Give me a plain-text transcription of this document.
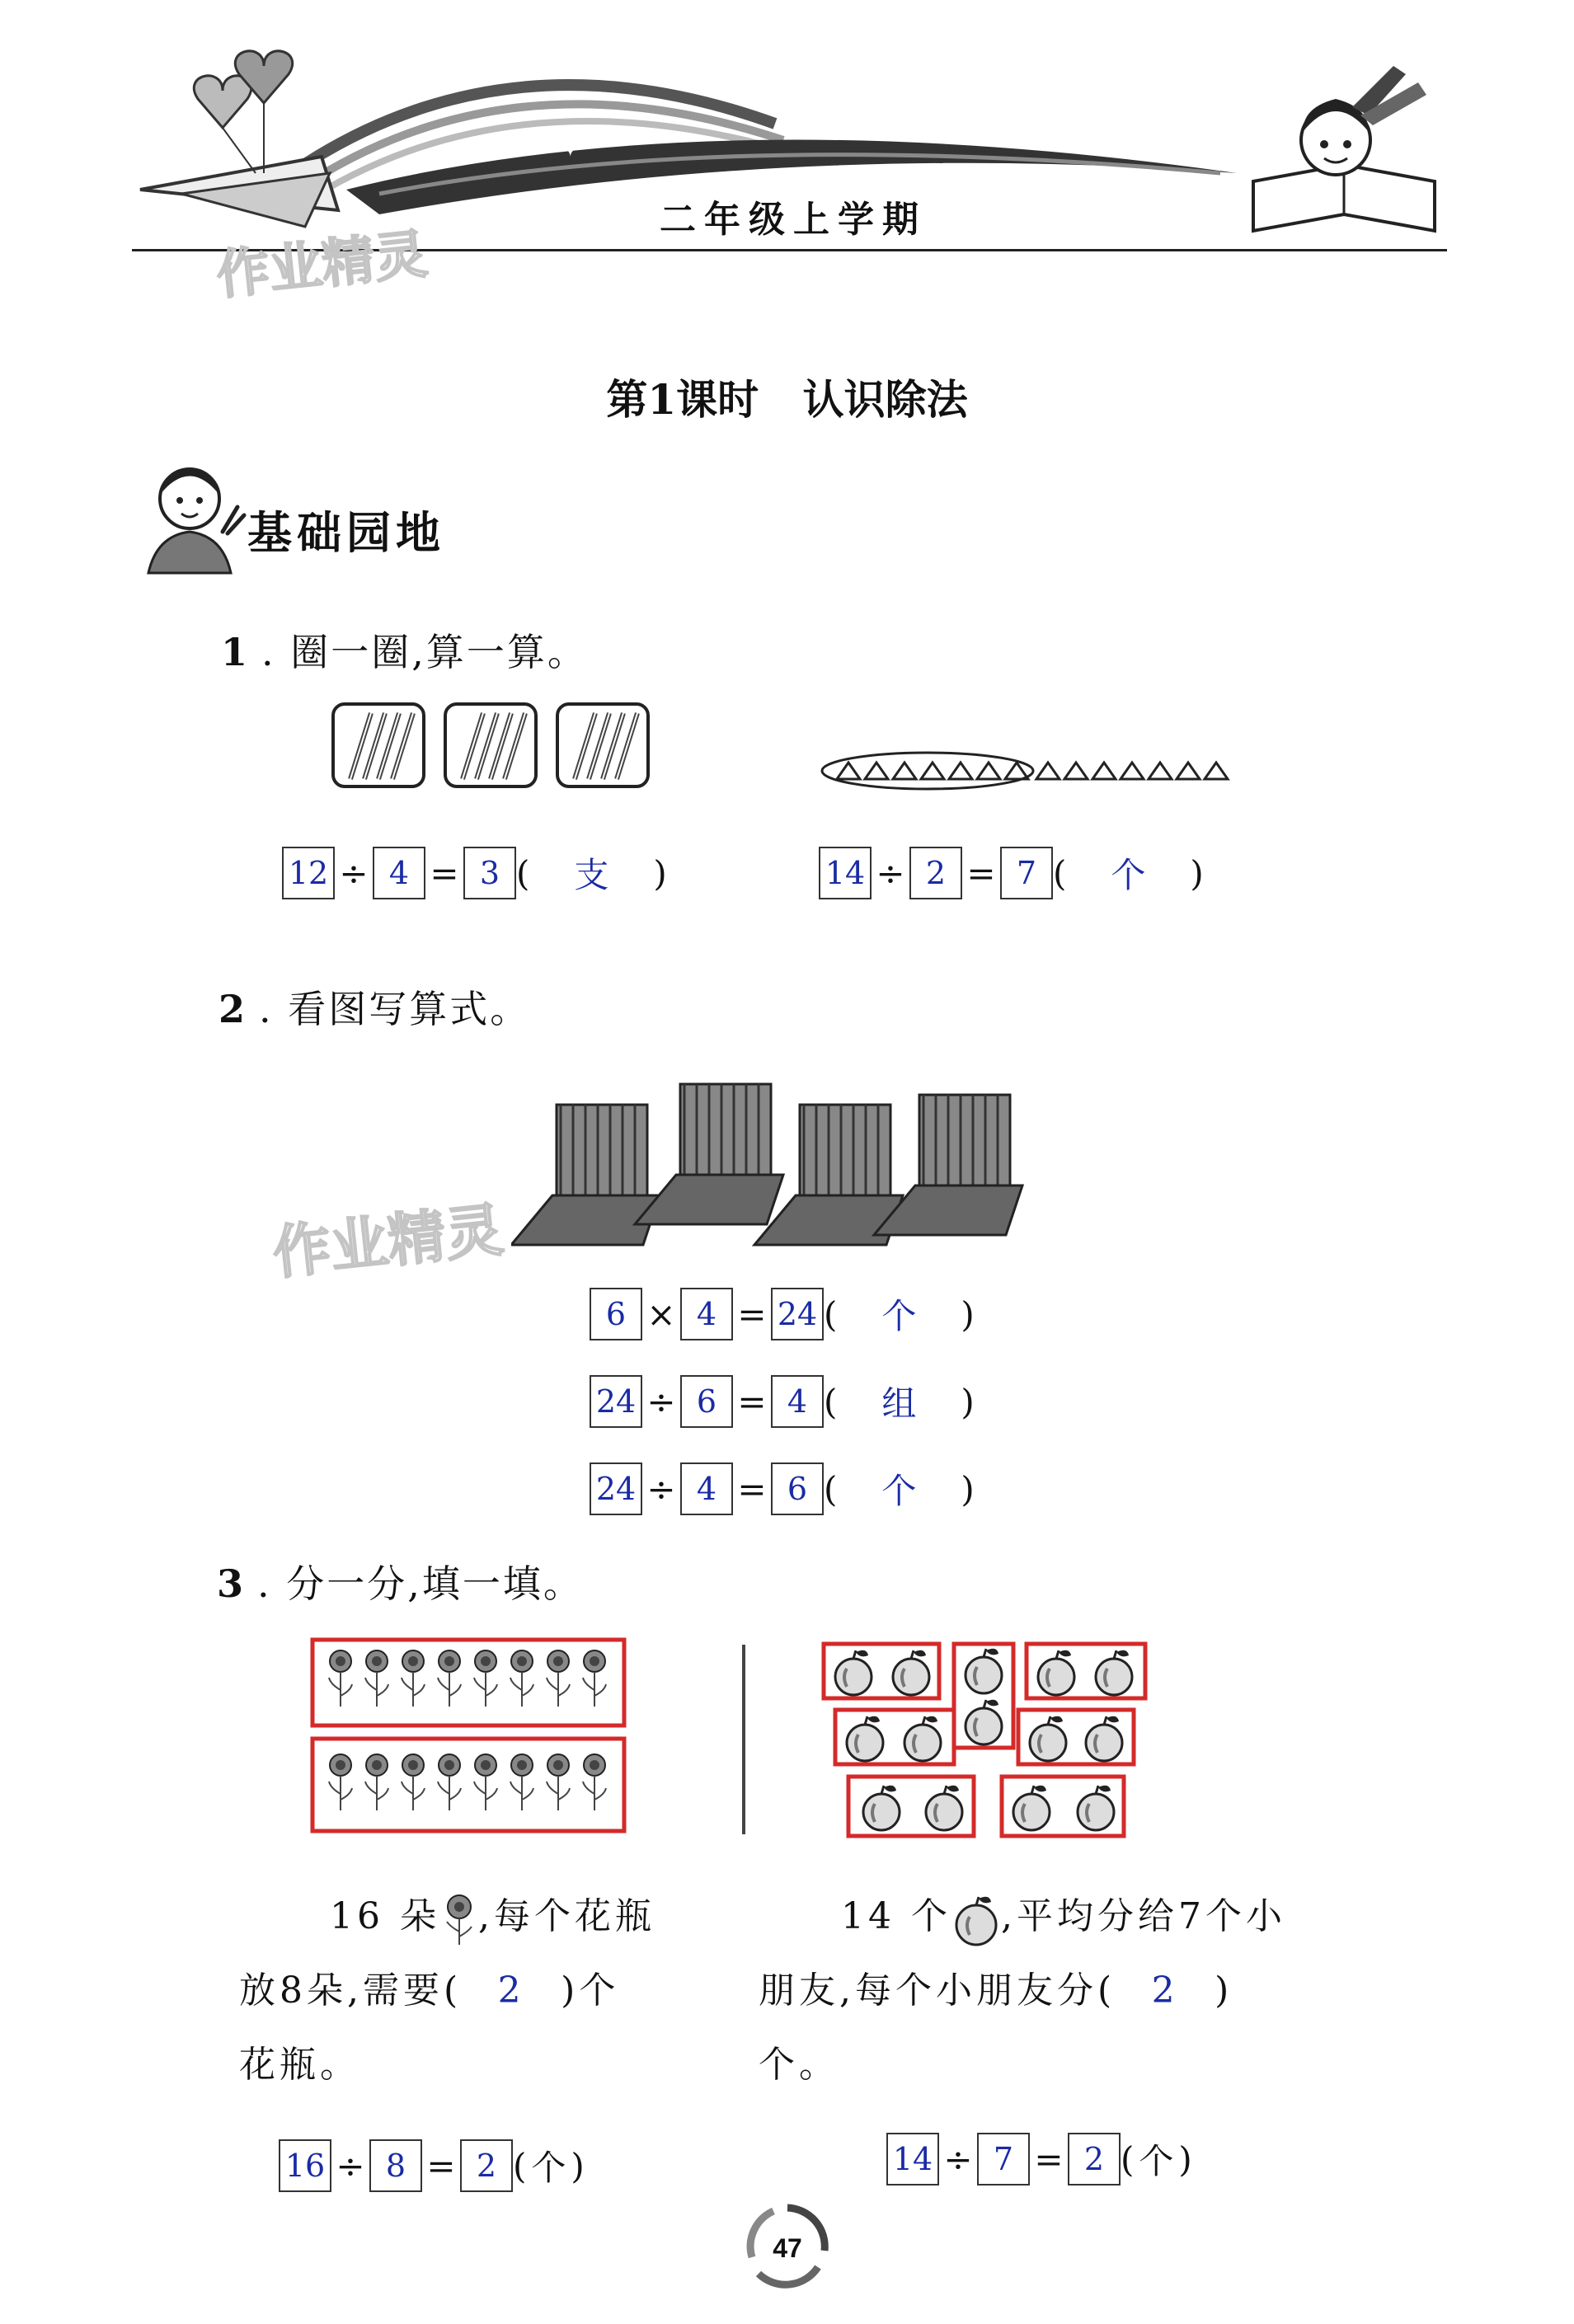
✦
✦
二年级上学期
作业精灵
第1课时 认识除法
基础园地
1 . 圈一圈,算一算。
12 ÷ 4 = 3 (	支	)	14 ÷ 2 = 7 (	个	)
2 . 看图写算式。
作业精灵
6 × 4 = 24 (	个	)
24 ÷ 6 = 4 (	组	)
24 ÷ 4 = 6 (	个	)
3 . 分一分,填一填。
16 朵 ,每个花瓶
放8朵,需要( 2 )个
花瓶。
14 个 ,平均分给7个小
朋友,每个小朋友分( 2 )
个。
16 ÷ 8 = 2 ( 个 )	14 ÷ 7 = 2 ( 个 )
47
